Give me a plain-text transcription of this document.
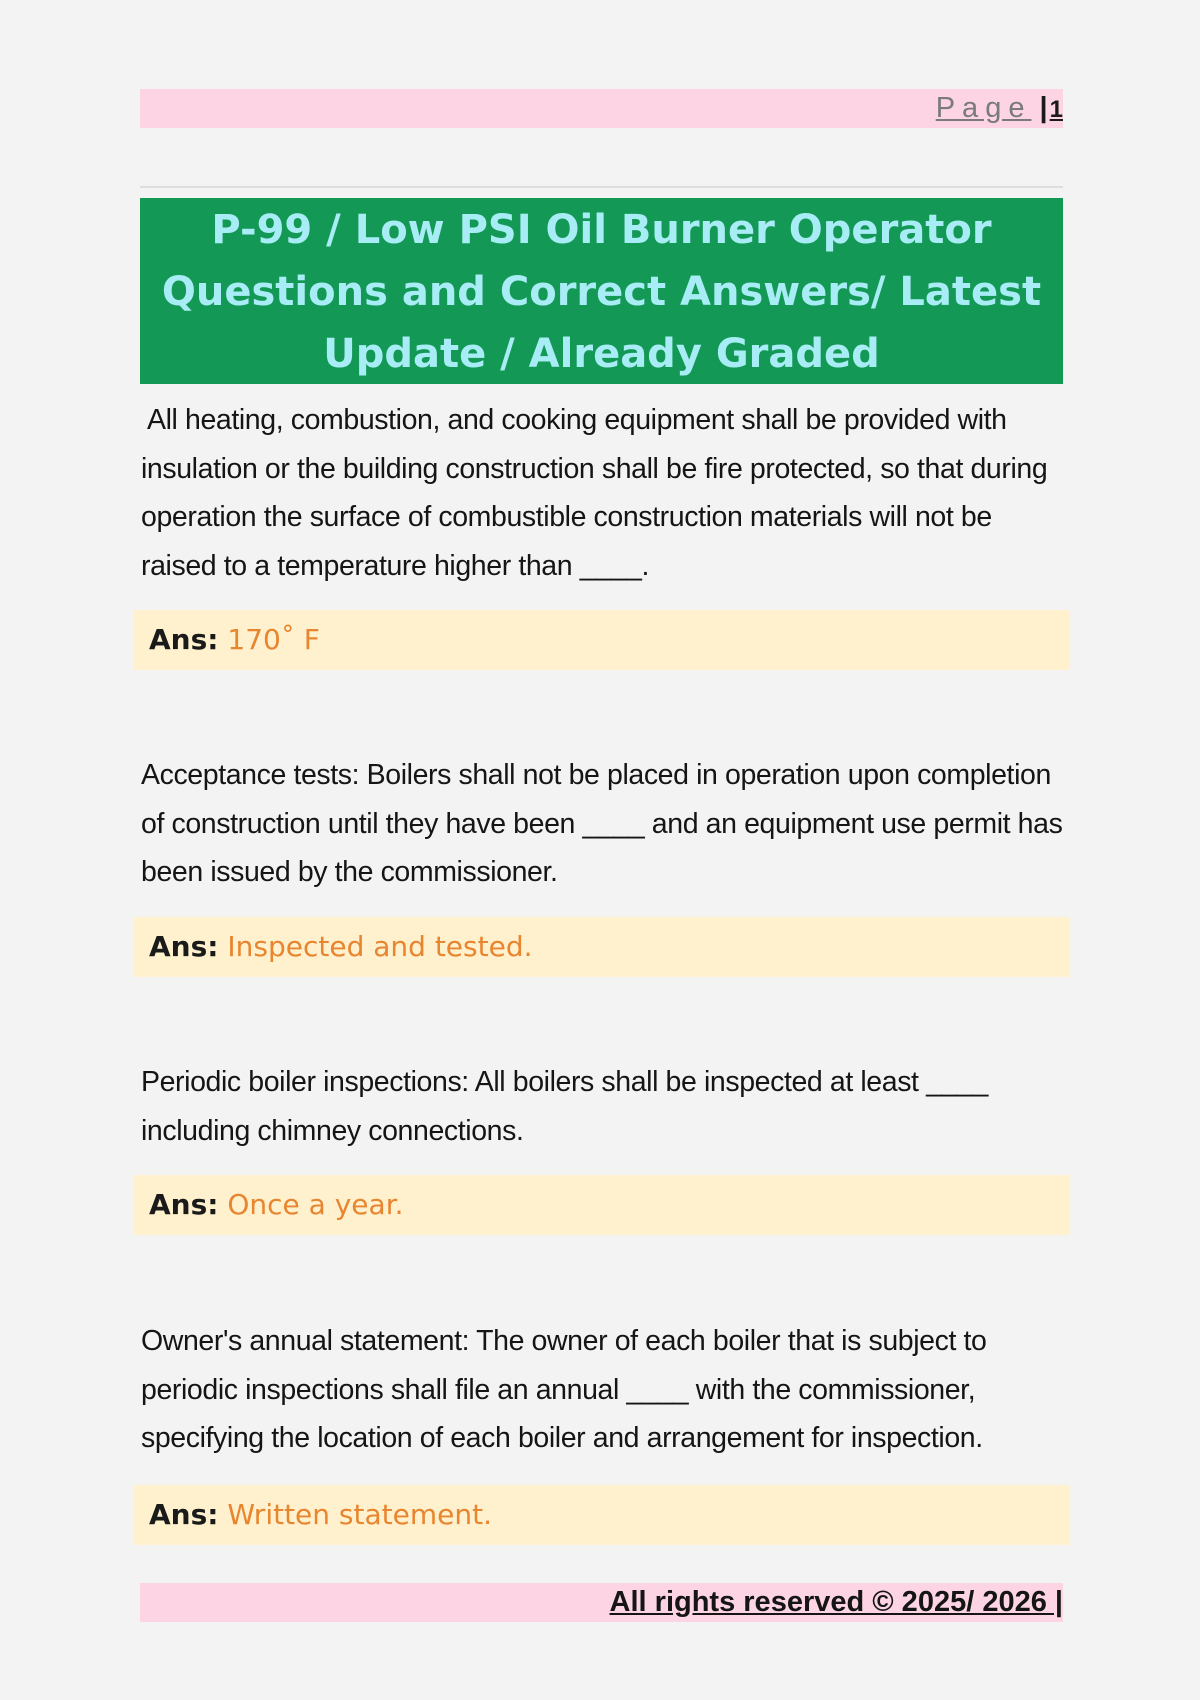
Page |1
P-99 / Low PSI Oil Burner Operator Questions and Correct Answers/ Latest Update / Already Graded

All heating, combustion, and cooking equipment shall be provided with insulation or the building construction shall be fire protected, so that during operation the surface of combustible construction materials will not be raised to a temperature higher than ____.

Ans: 170˚ F

Acceptance tests: Boilers shall not be placed in operation upon completion of construction until they have been ____ and an equipment use permit has been issued by the commissioner.

Ans: Inspected and tested.

Periodic boiler inspections: All boilers shall be inspected at least ____ including chimney connections.

Ans: Once a year.

Owner's annual statement: The owner of each boiler that is subject to periodic inspections shall file an annual ____ with the commissioner, specifying the location of each boiler and arrangement for inspection.

Ans: Written statement.
All rights reserved © 2025/ 2026 |
